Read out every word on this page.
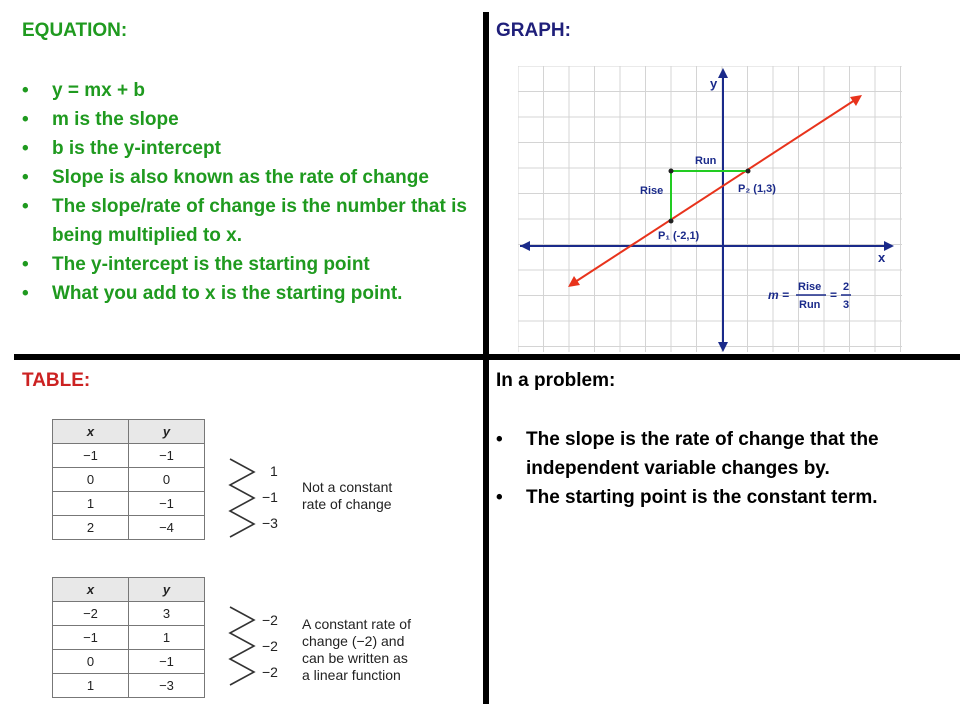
EQUATION:
• y = mx + b
• m is the slope
• b is the y-intercept
• Slope is also known as the rate of change
• The slope/rate of change is the number that is being multiplied to x.
• The y-intercept is the starting point
• What you add to x is the starting point.
GRAPH:
y
x
Run
Rise
P₁ (-2,1)
P₂ (1,3)
m =
Rise
Run
=
2
3
TABLE:
x	y
−1	−1
0	0
1	−1
2	−4
1
−1
−3
Not a constant
rate of change
x	y
−2	3
−1	1
0	−1
1	−3
−2
−2
−2
A constant rate of
change (−2) and
can be written as
a linear function
In a problem:
• The slope is the rate of change that the independent variable changes by.
• The starting point is the constant term.
